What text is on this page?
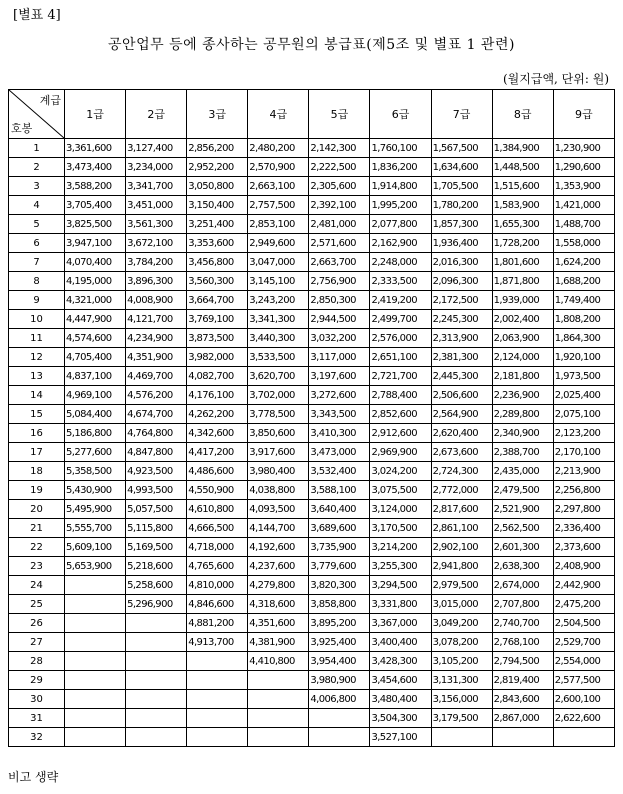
[별표 4]
공안업무 등에 종사하는 공무원의 봉급표(제5조 및 별표 1 관련)
(월지급액, 단위: 원)
계급
호봉	1급	2급	3급	4급	5급	6급	7급	8급	9급
1	3,361,600	3,127,400	2,856,200	2,480,200	2,142,300	1,760,100	1,567,500	1,384,900	1,230,900
2	3,473,400	3,234,000	2,952,200	2,570,900	2,222,500	1,836,200	1,634,600	1,448,500	1,290,600
3	3,588,200	3,341,700	3,050,800	2,663,100	2,305,600	1,914,800	1,705,500	1,515,600	1,353,900
4	3,705,400	3,451,000	3,150,400	2,757,500	2,392,100	1,995,200	1,780,200	1,583,900	1,421,000
5	3,825,500	3,561,300	3,251,400	2,853,100	2,481,000	2,077,800	1,857,300	1,655,300	1,488,700
6	3,947,100	3,672,100	3,353,600	2,949,600	2,571,600	2,162,900	1,936,400	1,728,200	1,558,000
7	4,070,400	3,784,200	3,456,800	3,047,000	2,663,700	2,248,000	2,016,300	1,801,600	1,624,200
8	4,195,000	3,896,300	3,560,300	3,145,100	2,756,900	2,333,500	2,096,300	1,871,800	1,688,200
9	4,321,000	4,008,900	3,664,700	3,243,200	2,850,300	2,419,200	2,172,500	1,939,000	1,749,400
10	4,447,900	4,121,700	3,769,100	3,341,300	2,944,500	2,499,700	2,245,300	2,002,400	1,808,200
11	4,574,600	4,234,900	3,873,500	3,440,300	3,032,200	2,576,000	2,313,900	2,063,900	1,864,300
12	4,705,400	4,351,900	3,982,000	3,533,500	3,117,000	2,651,100	2,381,300	2,124,000	1,920,100
13	4,837,100	4,469,700	4,082,700	3,620,700	3,197,600	2,721,700	2,445,300	2,181,800	1,973,500
14	4,969,100	4,576,200	4,176,100	3,702,000	3,272,600	2,788,400	2,506,600	2,236,900	2,025,400
15	5,084,400	4,674,700	4,262,200	3,778,500	3,343,500	2,852,600	2,564,900	2,289,800	2,075,100
16	5,186,800	4,764,800	4,342,600	3,850,600	3,410,300	2,912,600	2,620,400	2,340,900	2,123,200
17	5,277,600	4,847,800	4,417,200	3,917,600	3,473,000	2,969,900	2,673,600	2,388,700	2,170,100
18	5,358,500	4,923,500	4,486,600	3,980,400	3,532,400	3,024,200	2,724,300	2,435,000	2,213,900
19	5,430,900	4,993,500	4,550,900	4,038,800	3,588,100	3,075,500	2,772,000	2,479,500	2,256,800
20	5,495,900	5,057,500	4,610,800	4,093,500	3,640,400	3,124,000	2,817,600	2,521,900	2,297,800
21	5,555,700	5,115,800	4,666,500	4,144,700	3,689,600	3,170,500	2,861,100	2,562,500	2,336,400
22	5,609,100	5,169,500	4,718,000	4,192,600	3,735,900	3,214,200	2,902,100	2,601,300	2,373,600
23	5,653,900	5,218,600	4,765,600	4,237,600	3,779,600	3,255,300	2,941,800	2,638,300	2,408,900
24		5,258,600	4,810,000	4,279,800	3,820,300	3,294,500	2,979,500	2,674,000	2,442,900
25		5,296,900	4,846,600	4,318,600	3,858,800	3,331,800	3,015,000	2,707,800	2,475,200
26			4,881,200	4,351,600	3,895,200	3,367,000	3,049,200	2,740,700	2,504,500
27			4,913,700	4,381,900	3,925,400	3,400,400	3,078,200	2,768,100	2,529,700
28				4,410,800	3,954,400	3,428,300	3,105,200	2,794,500	2,554,000
29					3,980,900	3,454,600	3,131,300	2,819,400	2,577,500
30					4,006,800	3,480,400	3,156,000	2,843,600	2,600,100
31						3,504,300	3,179,500	2,867,000	2,622,600
32						3,527,100			
비고 생략
